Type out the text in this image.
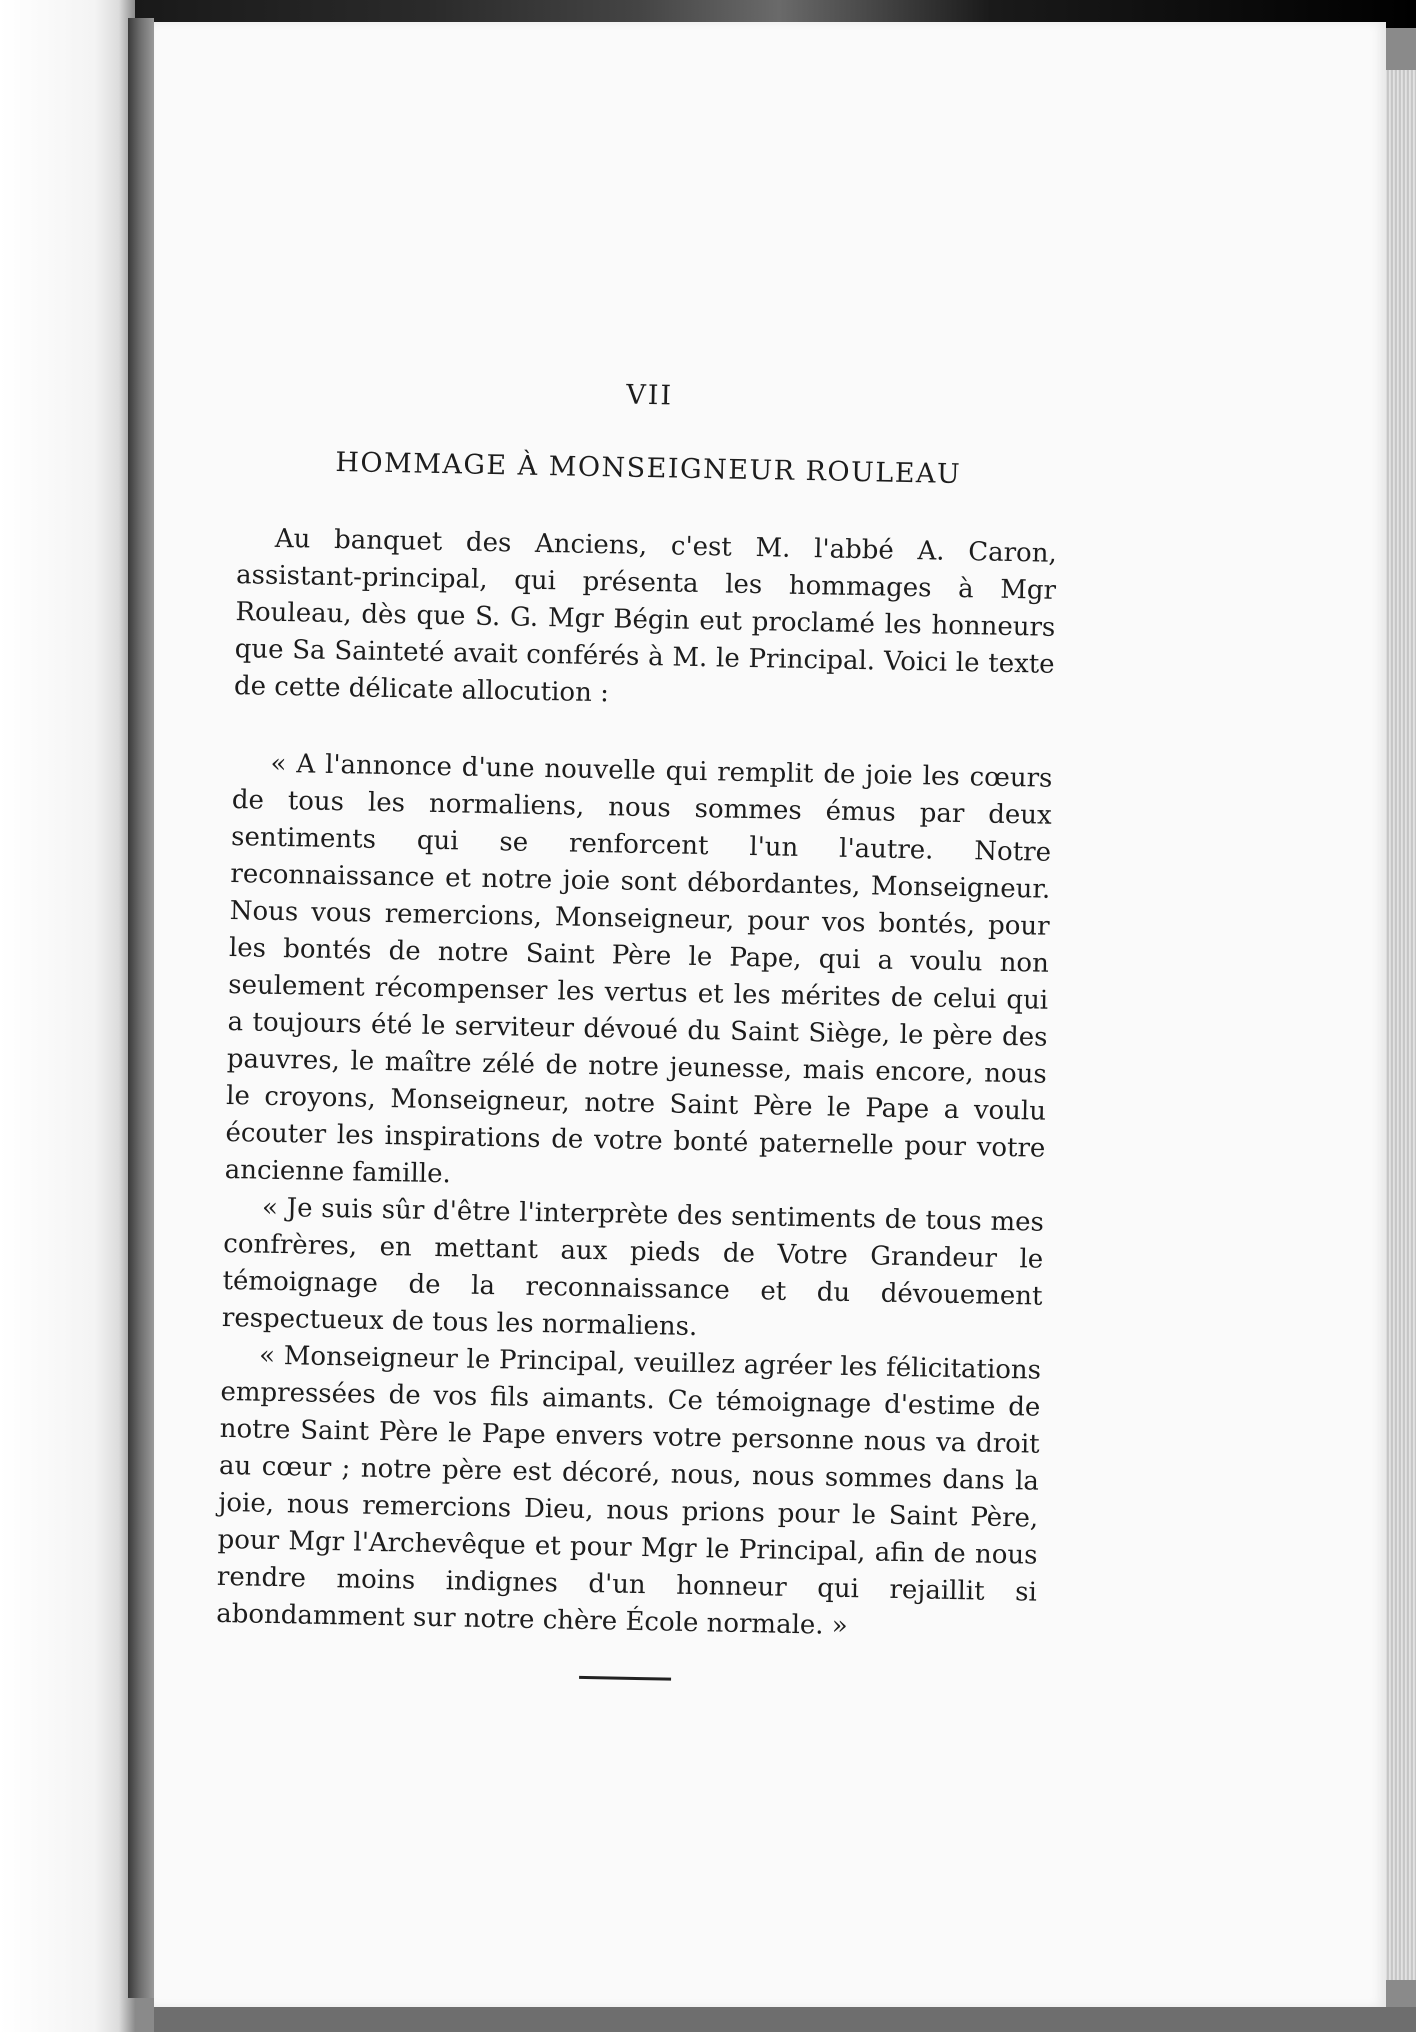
VII
HOMMAGE À MONSEIGNEUR ROULEAU

Au banquet des Anciens, c'est M. l'abbé A. Caron, assistant-principal, qui présenta les hommages à Mgr Rouleau, dès que S. G. Mgr Bégin eut proclamé les honneurs que Sa Sainteté avait conférés à M. le Principal. Voici le texte de cette délicate allocution :

« A l'annonce d'une nouvelle qui remplit de joie les cœurs de tous les normaliens, nous sommes émus par deux sentiments qui se renforcent l'un l'autre. Notre reconnaissance et notre joie sont débordantes, Monseigneur. Nous vous remercions, Monseigneur, pour vos bontés, pour les bontés de notre Saint Père le Pape, qui a voulu non seulement récompenser les vertus et les mérites de celui qui a toujours été le serviteur dévoué du Saint Siège, le père des pauvres, le maître zélé de notre jeunesse, mais encore, nous le croyons, Monseigneur, notre Saint Père le Pape a voulu écouter les inspirations de votre bonté paternelle pour votre ancienne famille.

« Je suis sûr d'être l'interprète des sentiments de tous mes confrères, en mettant aux pieds de Votre Grandeur le témoignage de la reconnaissance et du dévouement respectueux de tous les normaliens.

« Monseigneur le Principal, veuillez agréer les félicitations empressées de vos fils aimants. Ce témoignage d'estime de notre Saint Père le Pape envers votre personne nous va droit au cœur ; notre père est décoré, nous, nous sommes dans la joie, nous remercions Dieu, nous prions pour le Saint Père, pour Mgr l'Archevêque et pour Mgr le Principal, afin de nous rendre moins indignes d'un honneur qui rejaillit si abondamment sur notre chère École normale. »
